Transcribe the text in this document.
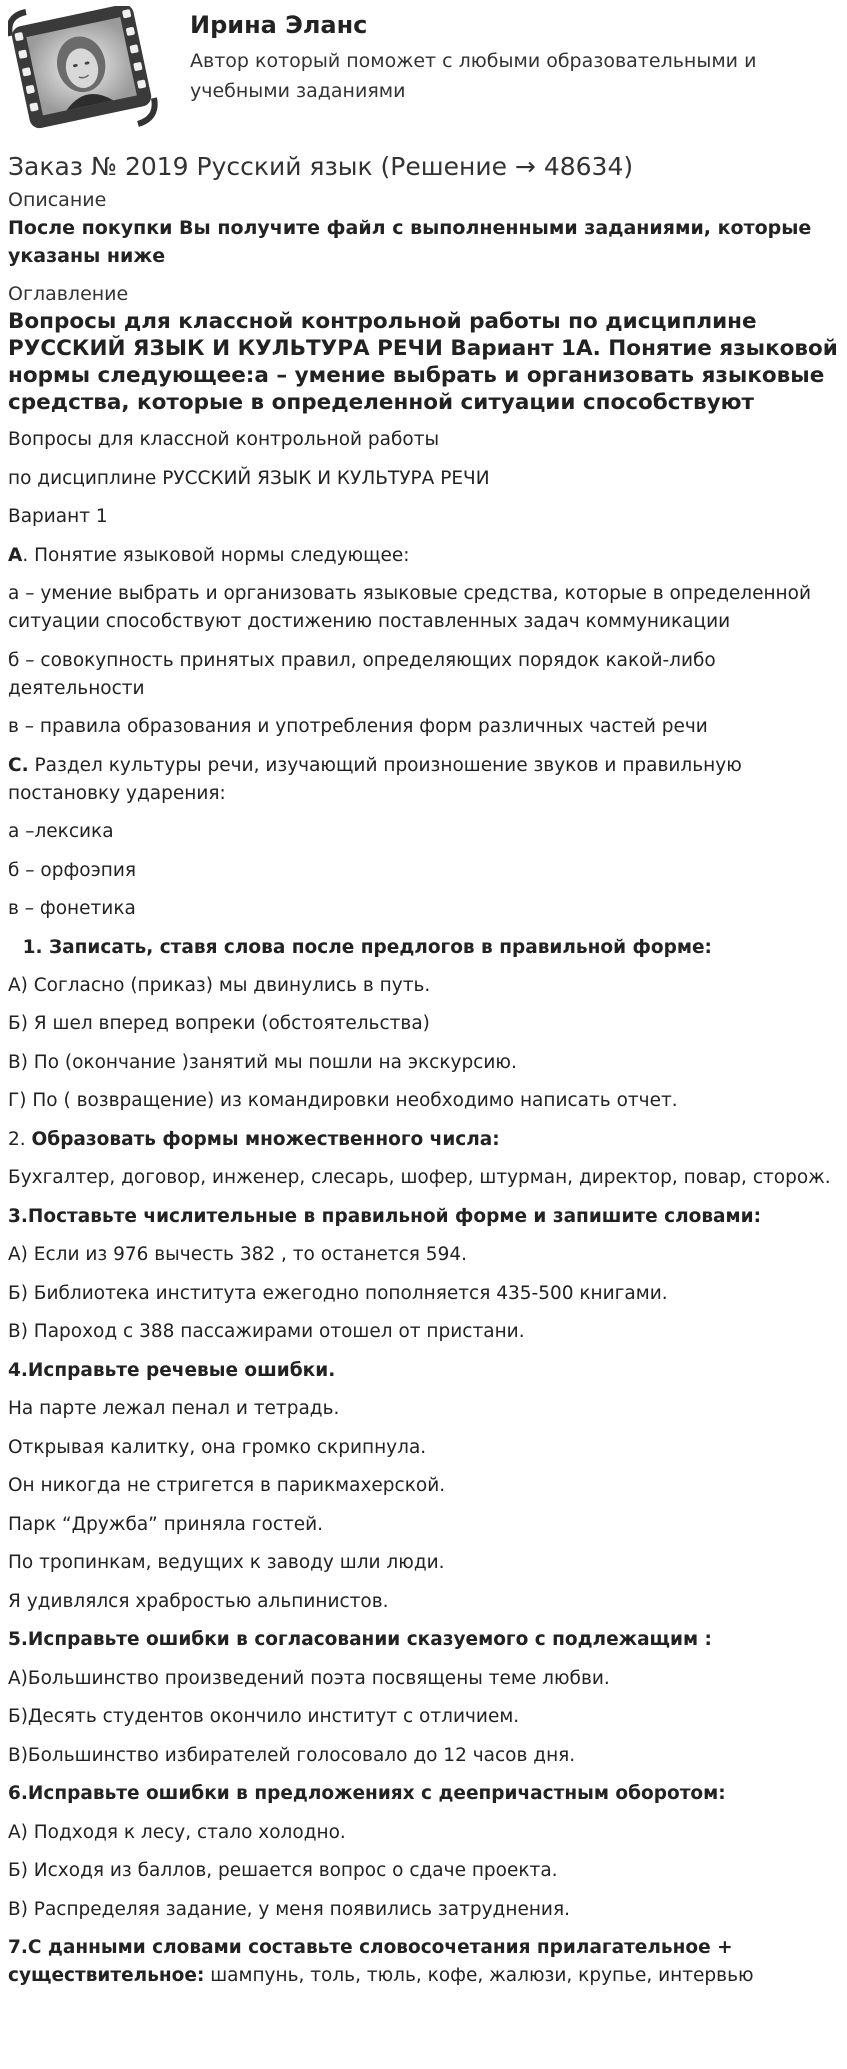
Ирина Эланс
Автор который поможет с любыми образовательными и учебными заданиями
Заказ № 2019 Русский язык (Решение → 48634)
Описание
После покупки Вы получите файл с выполненными заданиями, которые указаны ниже
Оглавление
Вопросы для классной контрольной работы по дисциплине РУССКИЙ ЯЗЫК И КУЛЬТУРА РЕЧИ Вариант 1А. Понятие языковой нормы следующее:а – умение выбрать и организовать языковые средства, которые в определенной ситуации способствуют

Вопросы для классной контрольной работы

по дисциплине РУССКИЙ ЯЗЫК И КУЛЬТУРА РЕЧИ

Вариант 1

А. Понятие языковой нормы следующее:

а – умение выбрать и организовать языковые средства, которые в определенной ситуации способствуют достижению поставленных задач коммуникации

б – совокупность принятых правил, определяющих порядок какой-либо деятельности

в – правила образования и употребления форм различных частей речи

С. Раздел культуры речи, изучающий произношение звуков и правильную постановку ударения:

а –лексика

б – орфоэпия

в – фонетика

1. Записать, ставя слова после предлогов в правильной форме:

А) Согласно (приказ) мы двинулись в путь.

Б) Я шел вперед вопреки (обстоятельства)

В) По (окончание )занятий мы пошли на экскурсию.

Г) По ( возвращение) из командировки необходимо написать отчет.

2. Образовать формы множественного числа:

Бухгалтер, договор, инженер, слесарь, шофер, штурман, директор, повар, сторож.

3.Поставьте числительные в правильной форме и запишите словами:

А) Если из 976 вычесть 382 , то останется 594.

Б) Библиотека института ежегодно пополняется 435-500 книгами.

В) Пароход с 388 пассажирами отошел от пристани.

4.Исправьте речевые ошибки.

На парте лежал пенал и тетрадь.

Открывая калитку, она громко скрипнула.

Он никогда не стригется в парикмахерской.

Парк “Дружба” приняла гостей.

По тропинкам, ведущих к заводу шли люди.

Я удивлялся храбростью альпинистов.

5.Исправьте ошибки в согласовании сказуемого с подлежащим :

А)Большинство произведений поэта посвящены теме любви.

Б)Десять студентов окончило институт с отличием.

В)Большинство избирателей голосовало до 12 часов дня.

6.Исправьте ошибки в предложениях с деепричастным оборотом:

А) Подходя к лесу, стало холодно.

Б) Исходя из баллов, решается вопрос о сдаче проекта.

В) Распределяя задание, у меня появились затруднения.

7.С данными словами составьте словосочетания прилагательное + существительное: шампунь, толь, тюль, кофе, жалюзи, крупье, интервью
